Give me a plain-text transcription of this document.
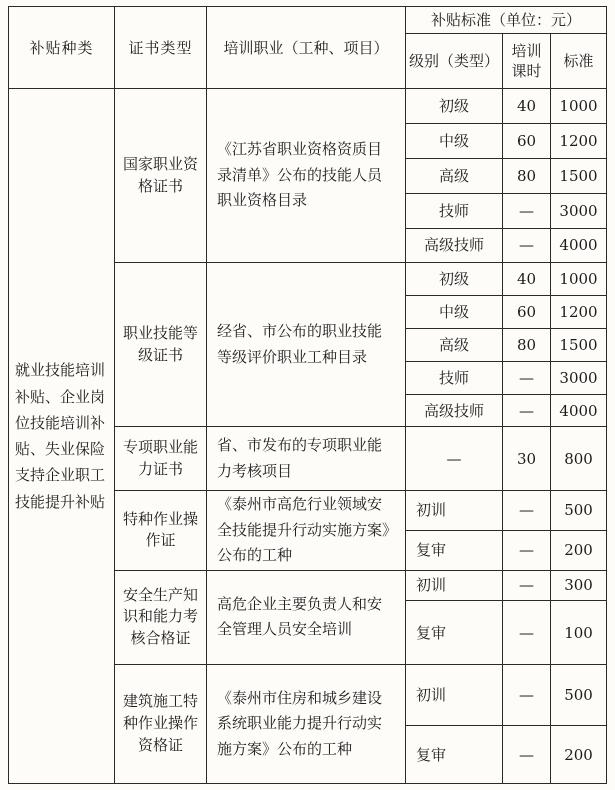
补贴种类	证书类型	培训职业（工种、项目）	补贴标准（单位：元）		
			级别（类型）	培训课时	标准
就业技能培训补贴、企业岗位技能培训补贴、失业保险支持企业职工技能提升补贴	国家职业资格证书	《江苏省职业资格资质目录清单》公布的技能人员职业资格目录	初级	40	1000
			中级	60	1200
			高级	80	1500
			技师	—	3000
			高级技师	—	4000
	职业技能等级证书	经省、市公布的职业技能等级评价职业工种目录	初级	40	1000
			中级	60	1200
			高级	80	1500
			技师	—	3000
			高级技师	—	4000
	专项职业能力证书	省、市发布的专项职业能力考核项目	—	30	800
	特种作业操作证	《泰州市高危行业领域安全技能提升行动实施方案》公布的工种	初训	—	500
			复审	—	200
	安全生产知识和能力考核合格证	高危企业主要负责人和安全管理人员安全培训	初训	—	300
			复审	—	100
	建筑施工特种作业操作资格证	《泰州市住房和城乡建设系统职业能力提升行动实施方案》公布的工种	初训	—	500
			复审	—	200
